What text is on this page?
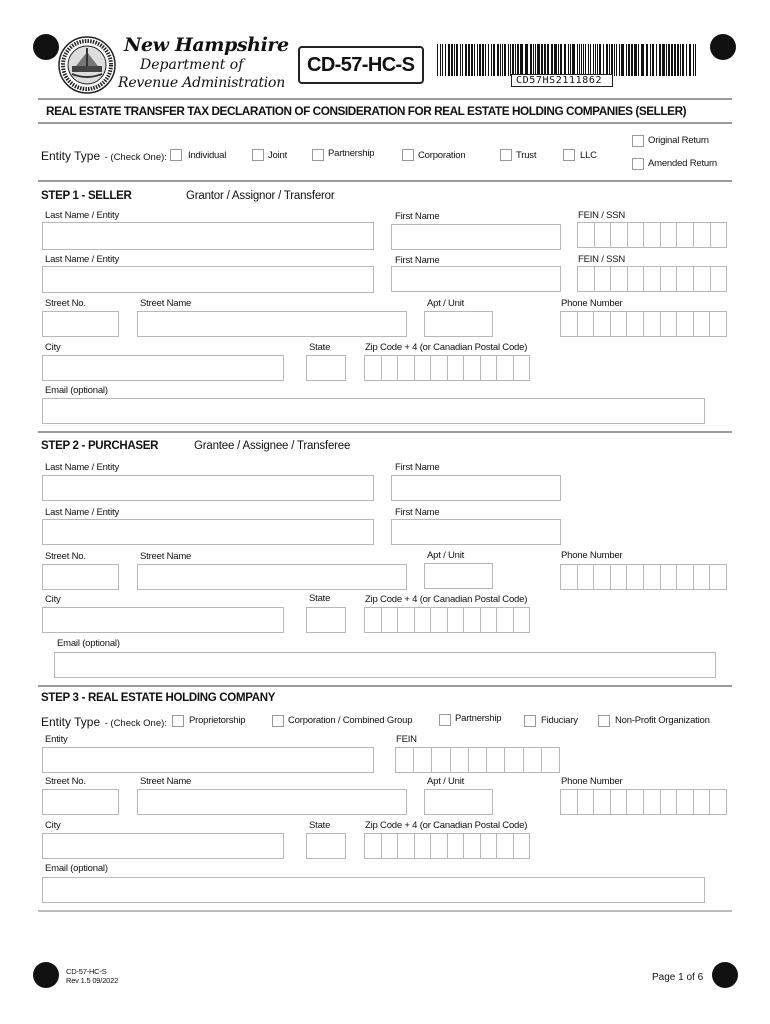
New Hampshire
Department of
Revenue Administration
CD-57-HC-S
CD57HS2111862
REAL ESTATE TRANSFER TAX DECLARATION OF CONSIDERATION FOR REAL ESTATE HOLDING COMPANIES (SELLER)
Original Return
Amended Return
Entity Type - (Check One): Individual	Joint	Partnership	Corporation	Trust	LLC
STEP 1 - SELLER	Grantor / Assignor / Transferor
Last Name / Entity	First Name	FEIN / SSN
Last Name / Entity	First Name	FEIN / SSN
Street No.	Street Name	Apt / Unit	Phone Number
City	State	Zip Code + 4 (or Canadian Postal Code)
Email (optional)
STEP 2 - PURCHASER	Grantee / Assignee / Transferee
Last Name / Entity	First Name
Last Name / Entity	First Name
Street No.	Street Name	Apt / Unit	Phone Number
City	State	Zip Code + 4 (or Canadian Postal Code)
Email (optional)
STEP 3 - REAL ESTATE HOLDING COMPANY
Entity Type - (Check One): Proprietorship	Corporation / Combined Group	Partnership	Fiduciary	Non-Profit Organization
Entity	FEIN
Street No.	Street Name	Apt / Unit	Phone Number
City	State	Zip Code + 4 (or Canadian Postal Code)
Email (optional)
CD-57-HC-S
Rev 1.5 09/2022	Page 1 of 6
